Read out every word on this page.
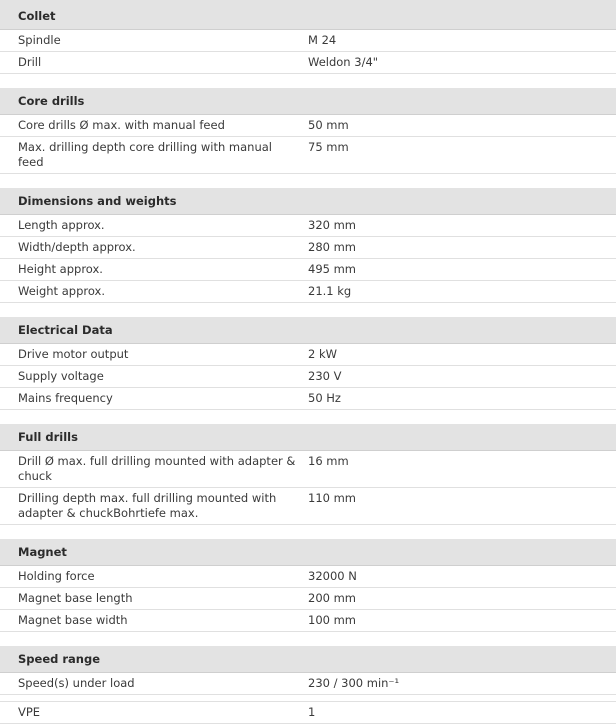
Collet	
Spindle	M 24
Drill	Weldon 3/4"

Core drills	
Core drills Ø max. with manual feed	50 mm
Max. drilling depth core drilling with manual feed	75 mm

Dimensions and weights	
Length approx.	320 mm
Width/depth approx.	280 mm
Height approx.	495 mm
Weight approx.	21.1 kg

Electrical Data	
Drive motor output	2 kW
Supply voltage	230 V
Mains frequency	50 Hz

Full drills	
Drill Ø max. full drilling mounted with adapter & chuck	16 mm
Drilling depth max. full drilling mounted with adapter & chuckBohrtiefe max.	110 mm

Magnet	
Holding force	32000 N
Magnet base length	200 mm
Magnet base width	100 mm

Speed range	
Speed(s) under load	230 / 300 min⁻¹

VPE	1
